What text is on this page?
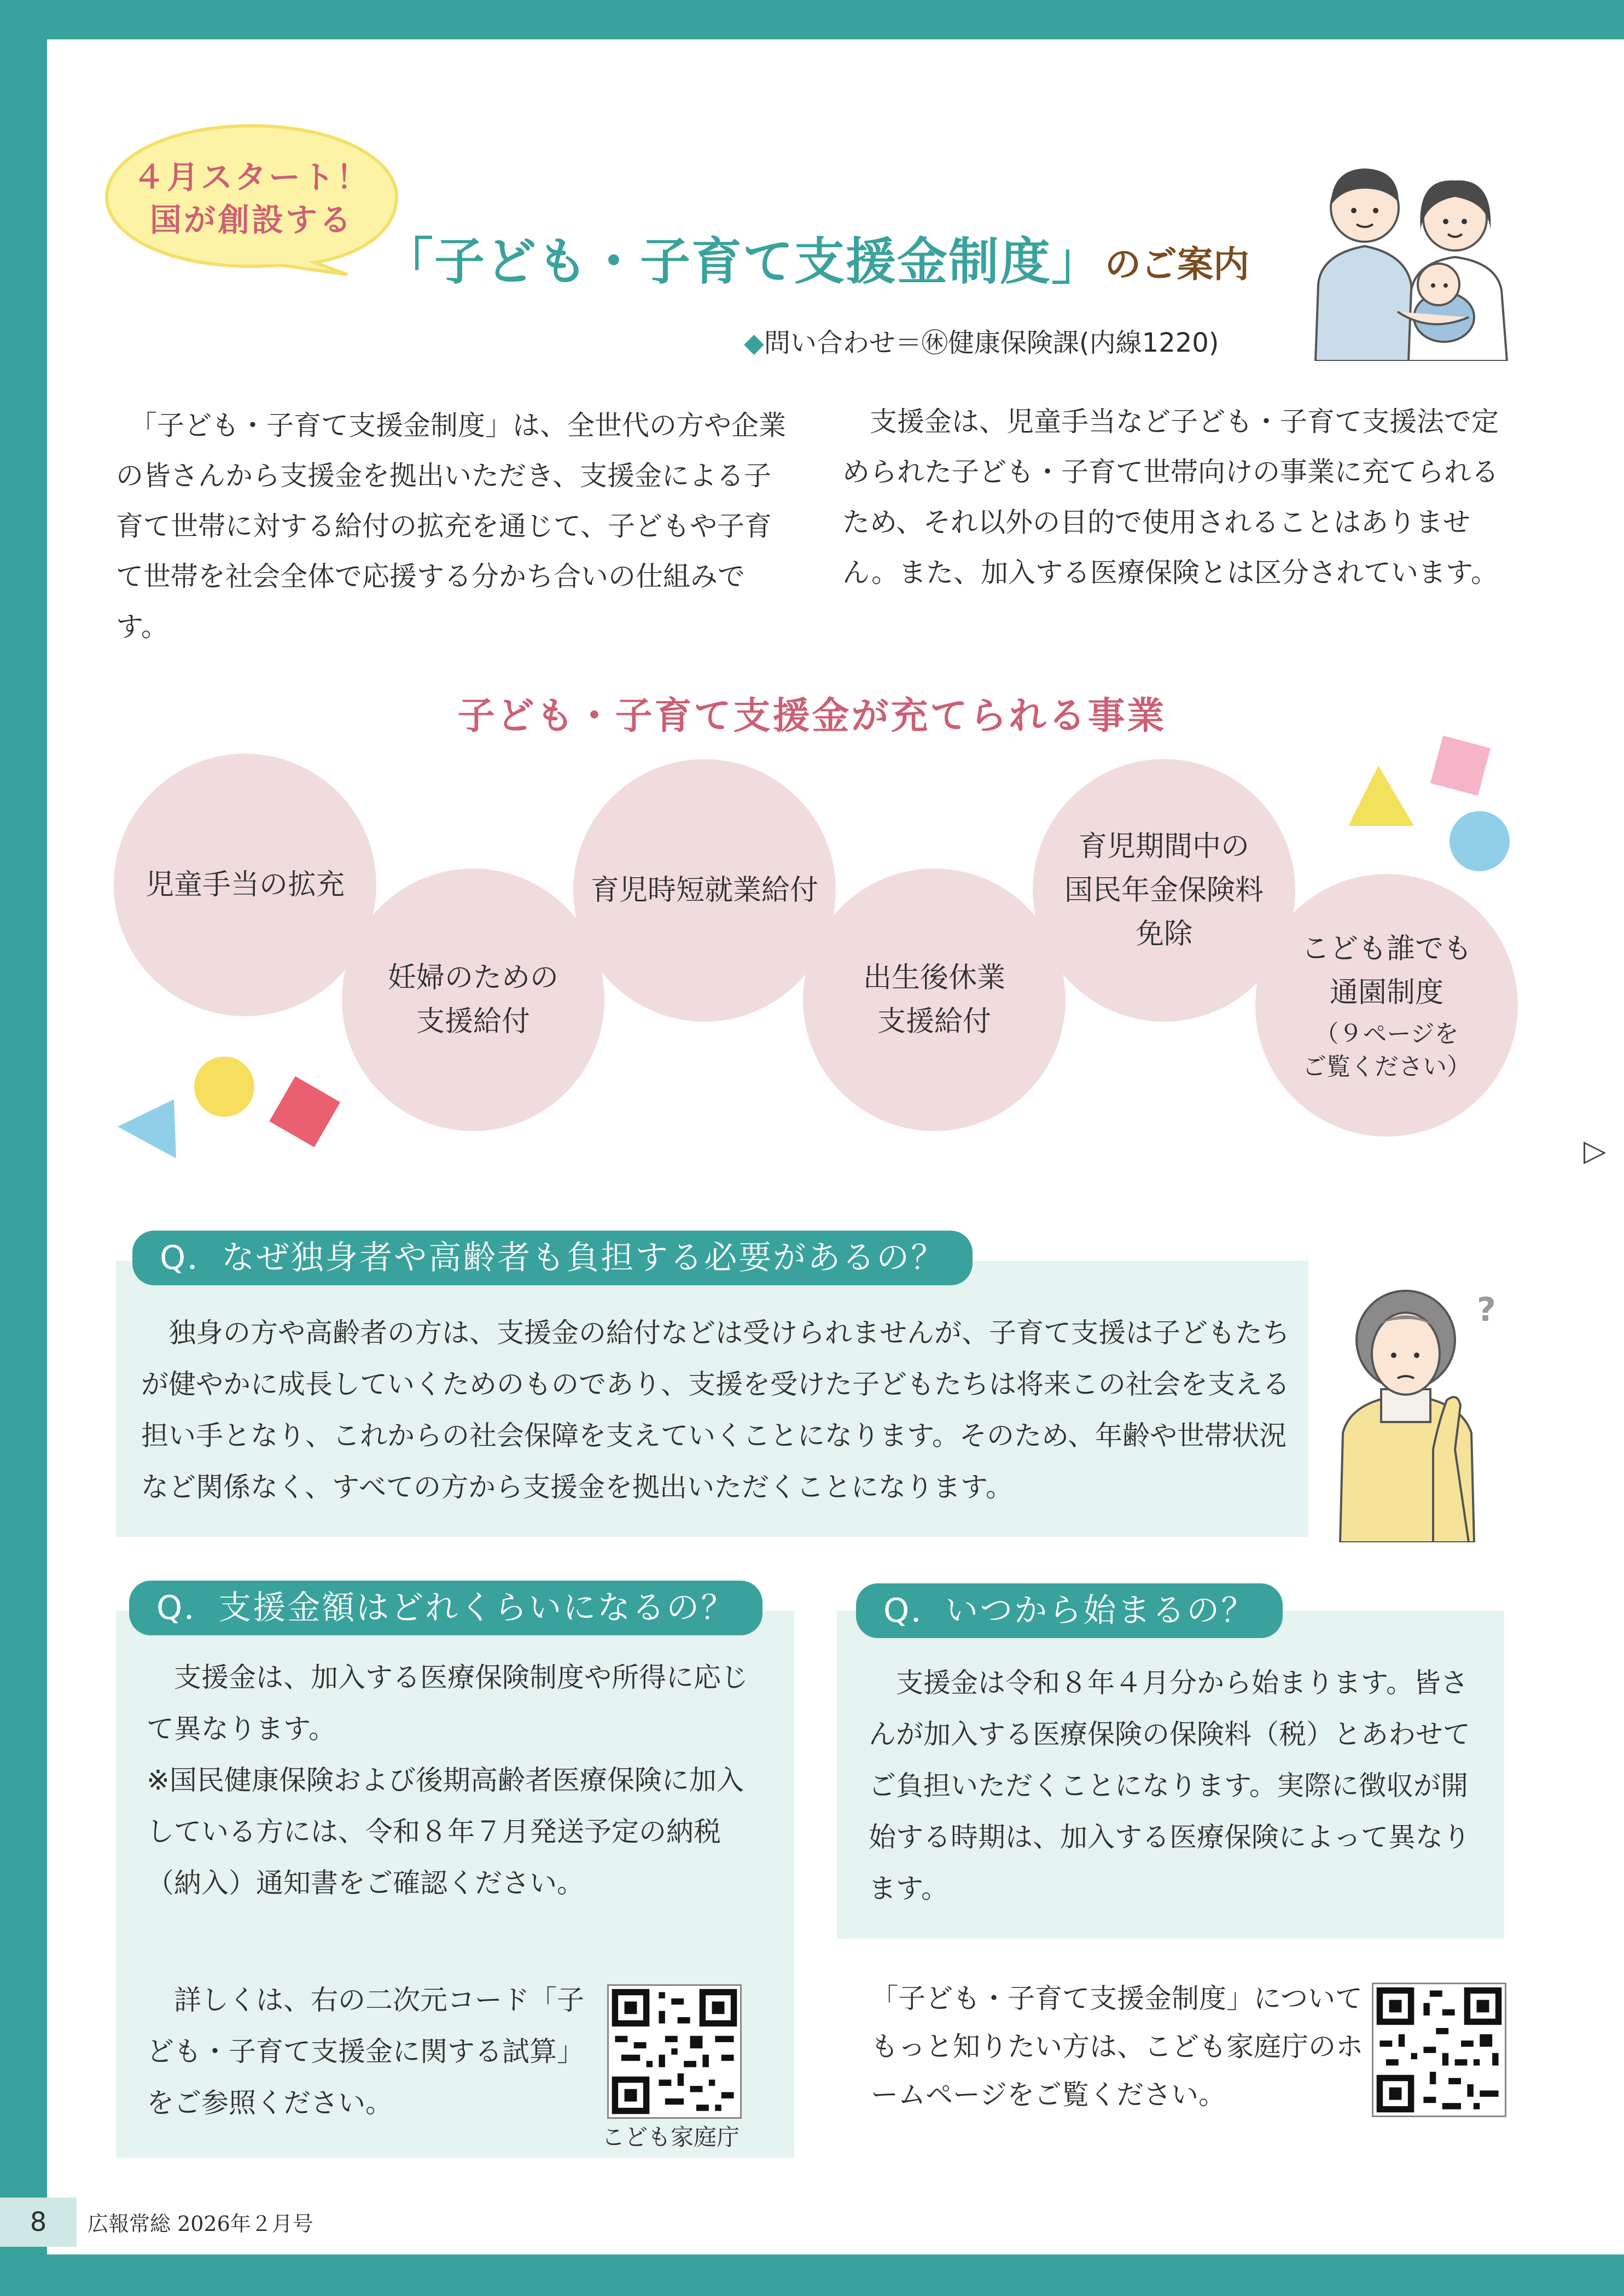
４月スタート！
国が創設する
「子ども・子育て支援金制度」 のご案内
◆問い合わせ＝㊡健康保険課(内線1220)
　「子ども・子育て支援金制度」は、全世代の方や企業の皆さんから支援金を拠出いただき、支援金による子育て世帯に対する給付の拡充を通じて、子どもや子育て世帯を社会全体で応援する分かち合いの仕組みです。
　支援金は、児童手当など子ども・子育て支援法で定められた子ども・子育て世帯向けの事業に充てられるため、それ以外の目的で使用されることはありません。また、加入する医療保険とは区分されています。
子ども・子育て支援金が充てられる事業
児童手当の拡充
妊婦のための
支援給付
育児時短就業給付
出生後休業
支援給付
育児期間中の
国民年金保険料
免除	こども誰でも
通園制度
（９ページを
ご覧ください）
▷
Q．なぜ独身者や高齢者も負担する必要があるの？
　独身の方や高齢者の方は、支援金の給付などは受けられませんが、子育て支援は子どもたちが健やかに成長していくためのものであり、支援を受けた子どもたちは将来この社会を支える担い手となり、これからの社会保障を支えていくことになります。そのため、年齢や世帯状況など関係なく、すべての方から支援金を拠出いただくことになります。
?
Q．支援金額はどれくらいになるの？
　支援金は、加入する医療保険制度や所得に応じて異なります。
※国民健康保険および後期高齢者医療保険に加入している方には、令和８年７月発送予定の納税（納入）通知書をご確認ください。
　詳しくは、右の二次元コード「子ども・子育て支援金に関する試算」をご参照ください。
こども家庭庁
Q．いつから始まるの？
　支援金は令和８年４月分から始まります。皆さんが加入する医療保険の保険料（税）とあわせてご負担いただくことになります。実際に徴収が開始する時期は、加入する医療保険によって異なります。
「子ども・子育て支援金制度」についてもっと知りたい方は、こども家庭庁のホームページをご覧ください。
8	広報常総 2026年２月号
